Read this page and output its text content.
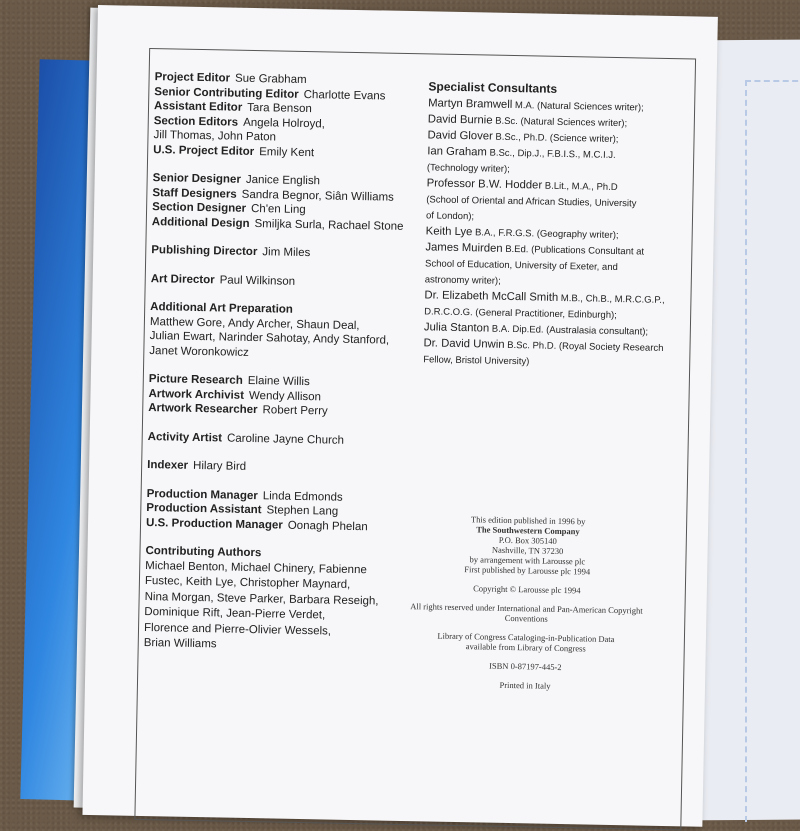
Project Editor Sue Grabham
Senior Contributing Editor Charlotte Evans
Assistant Editor Tara Benson
Section Editors Angela Holroyd,
Jill Thomas, John Paton
U.S. Project Editor Emily Kent
Senior Designer Janice English
Staff Designers Sandra Begnor, Siân Williams
Section Designer Ch'en Ling
Additional Design Smiljka Surla, Rachael Stone
Publishing Director Jim Miles
Art Director Paul Wilkinson
Additional Art Preparation
Matthew Gore, Andy Archer, Shaun Deal,
Julian Ewart, Narinder Sahotay, Andy Stanford,
Janet Woronkowicz
Picture Research Elaine Willis
Artwork Archivist Wendy Allison
Artwork Researcher Robert Perry
Activity Artist Caroline Jayne Church
Indexer Hilary Bird
Production Manager Linda Edmonds
Production Assistant Stephen Lang
U.S. Production Manager Oonagh Phelan
Contributing Authors
Michael Benton, Michael Chinery, Fabienne
Fustec, Keith Lye, Christopher Maynard,
Nina Morgan, Steve Parker, Barbara Reseigh,
Dominique Rift, Jean-Pierre Verdet,
Florence and Pierre-Olivier Wessels,
Brian Williams
Specialist Consultants
Martyn Bramwell M.A. (Natural Sciences writer);
David Burnie B.Sc. (Natural Sciences writer);
David Glover B.Sc., Ph.D. (Science writer);
Ian Graham B.Sc., Dip.J., F.B.I.S., M.C.I.J.
(Technology writer);
Professor B.W. Hodder B.Lit., M.A., Ph.D
(School of Oriental and African Studies, University
of London);
Keith Lye B.A., F.R.G.S. (Geography writer);
James Muirden B.Ed. (Publications Consultant at
School of Education, University of Exeter, and
astronomy writer);
Dr. Elizabeth McCall Smith M.B., Ch.B., M.R.C.G.P.,
D.R.C.O.G. (General Practitioner, Edinburgh);
Julia Stanton B.A. Dip.Ed. (Australasia consultant);
Dr. David Unwin B.Sc. Ph.D. (Royal Society Research
Fellow, Bristol University)

This edition published in 1996 by
The Southwestern Company
P.O. Box 305140
Nashville, TN 37230
by arrangement with Larousse plc
First published by Larousse plc 1994

Copyright © Larousse plc 1994

All rights reserved under International and Pan-American Copyright
Conventions

Library of Congress Cataloging-in-Publication Data
available from Library of Congress

ISBN 0-87197-445-2

Printed in Italy
